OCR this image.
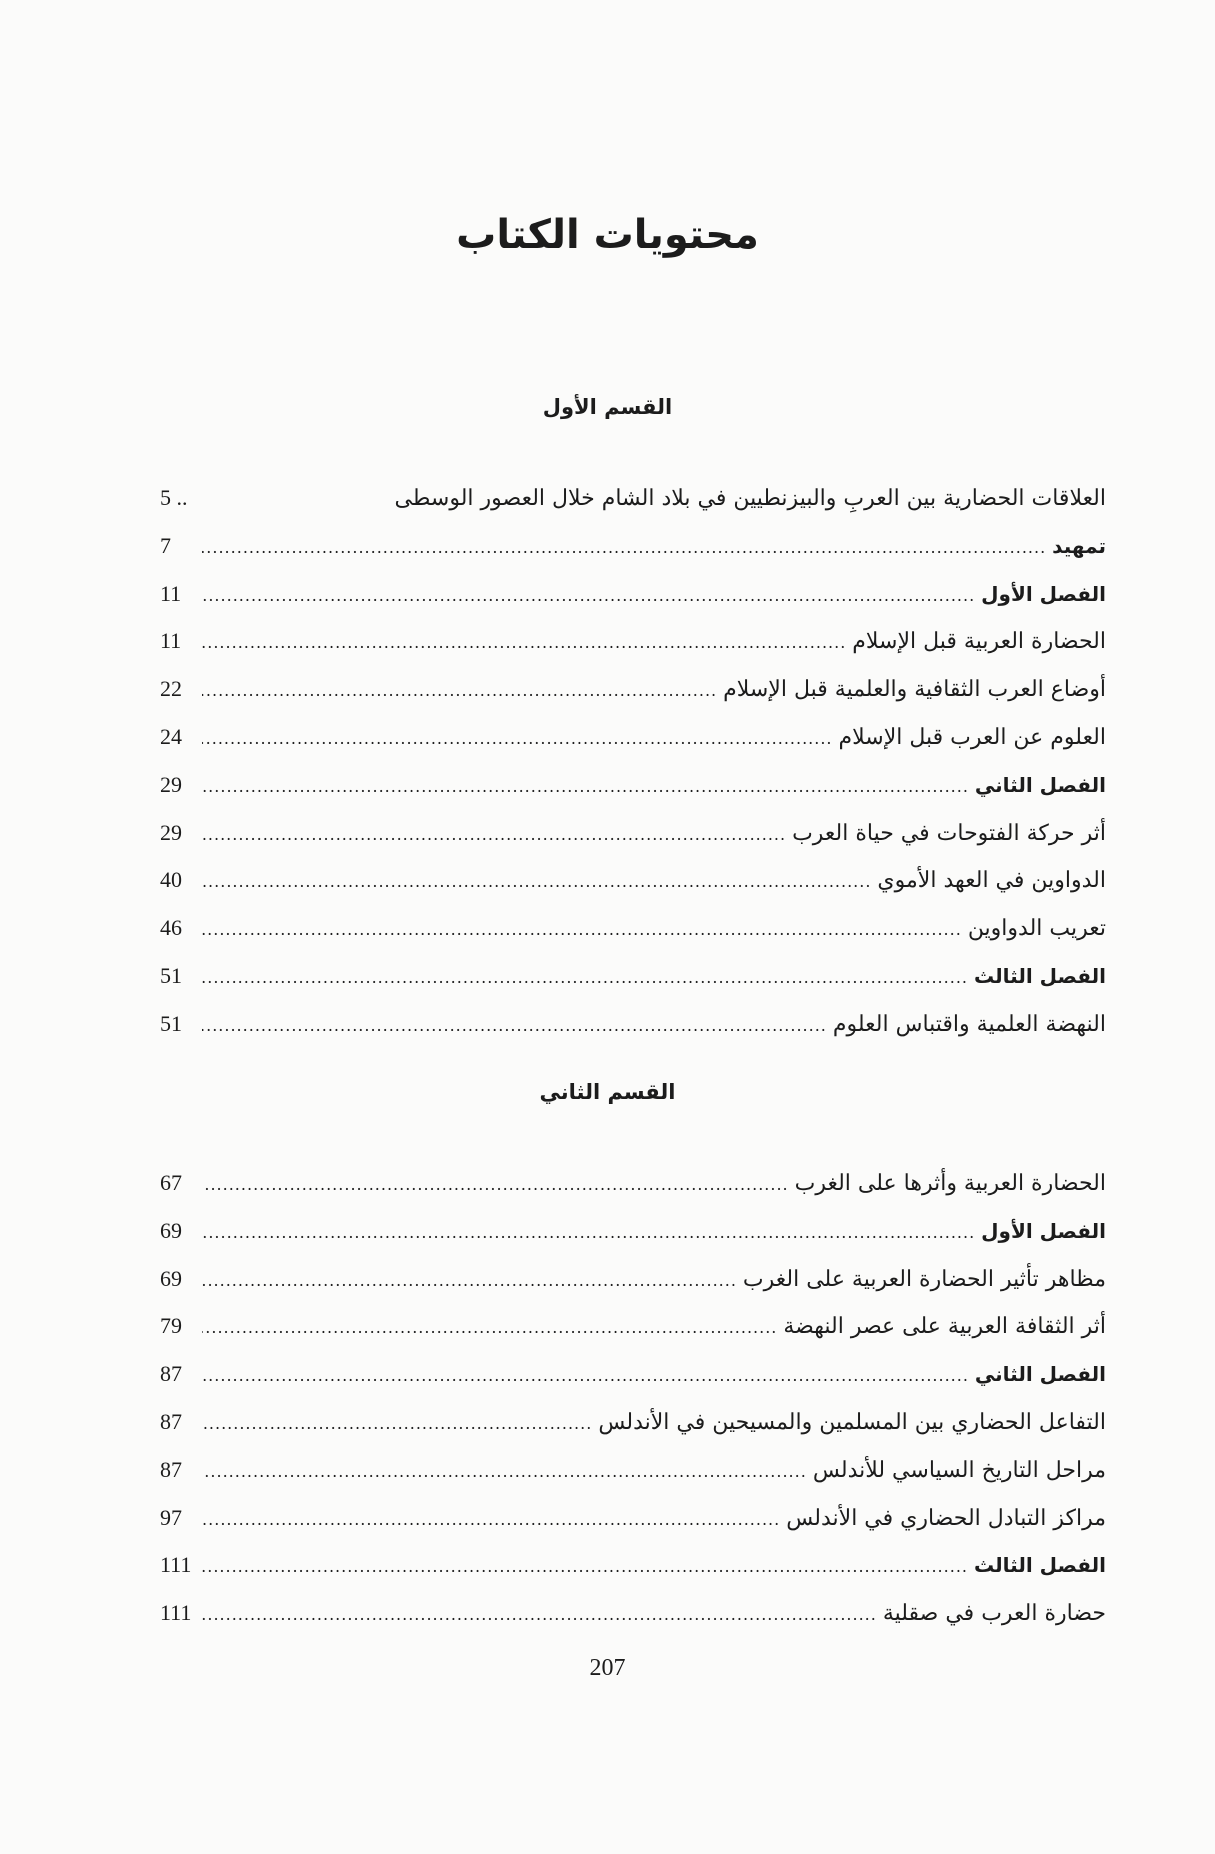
محتويات الكتاب
القسم الأول
العلاقات الحضارية بين العربِ والبيزنطيين في بلاد الشام خلال العصور الوسطى
.. 5
تمهيد
.....
7
الفصل الأول
.....
11
الحضارة العربية قبل الإسلام
.....
11
أوضاع العرب الثقافية والعلمية قبل الإسلام
.....
22
العلوم عن العرب قبل الإسلام
.....
24
الفصل الثاني
.....
29
أثر حركة الفتوحات في حياة العرب
.....
29
الدواوين في العهد الأموي
.....
40
تعريب الدواوين
.....
46
الفصل الثالث
.....
51
النهضة العلمية واقتباس العلوم
.....
51
القسم الثاني
الحضارة العربية وأثرها على الغرب
.....
67
الفصل الأول
.....
69
مظاهر تأثير الحضارة العربية على الغرب
.....
69
أثر الثقافة العربية على عصر النهضة
.....
79
الفصل الثاني
.....
87
التفاعل الحضاري بين المسلمين والمسيحين في الأندلس
.....
87
مراحل التاريخ السياسي للأندلس
.....
87
مراكز التبادل الحضاري في الأندلس
.....
97
الفصل الثالث
.....
111
حضارة العرب في صقلية
.....
111
207
